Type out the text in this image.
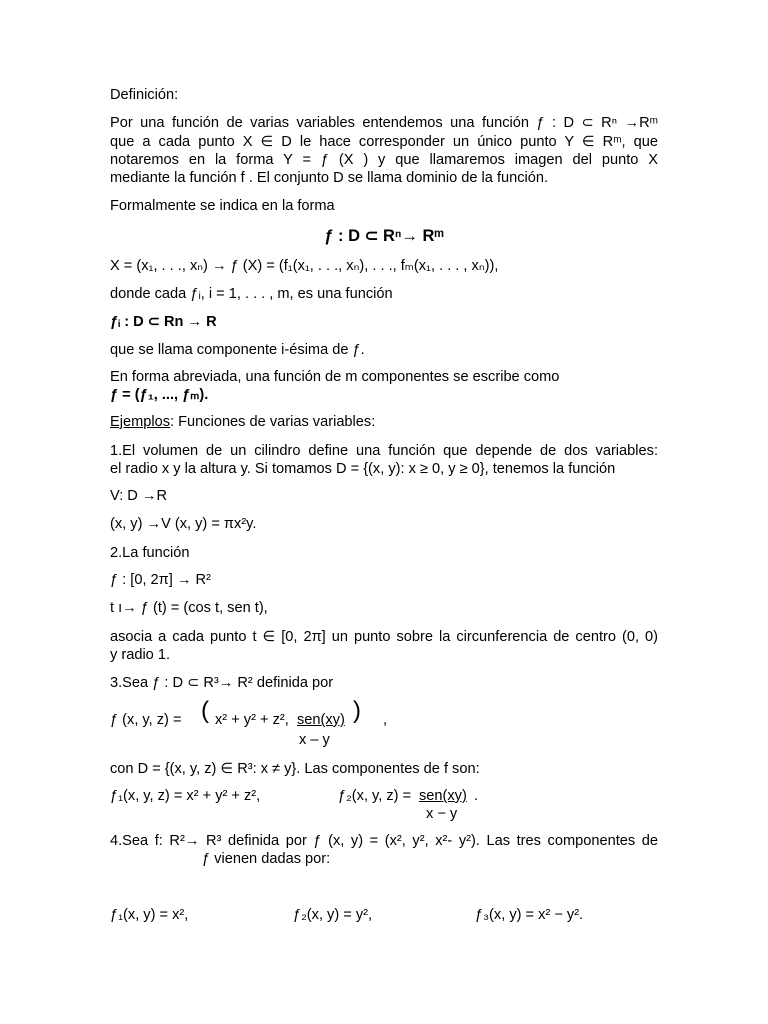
Definición:
Por una función de varias variables entendemos una función ƒ : D ⊂ Rⁿ →Rᵐ
que a cada punto X ∈ D le hace corresponder un único punto Y ∈ Rᵐ, que
notaremos en la forma Y = ƒ (X ) y que llamaremos imagen del punto X
mediante la función f . El conjunto D se llama dominio de la función.
Formalmente se indica en la forma
ƒ : D ⊂ Rⁿ→ Rᵐ
X = (x₁, . . ., xₙ) → ƒ (X) = (f₁(x₁, . . ., xₙ), . . ., fₘ(x₁, . . . , xₙ)),
donde cada ƒᵢ, i = 1, . . . , m, es una función
ƒᵢ : D ⊂ Rn → R
que se llama componente i-ésima de ƒ.
En forma abreviada, una función de m componentes se escribe como
ƒ = (ƒ₁, ..., ƒₘ).
Ejemplos: Funciones de varias variables:
1.El volumen de un cilindro define una función que depende de dos variables:
el radio x y la altura y. Si tomamos D = {(x, y): x ≥ 0, y ≥ 0}, tenemos la función
V: D →R
(x, y) →V (x, y) = πx²y.
2.La función
ƒ : [0, 2π] → R²
t ı→ ƒ (t) = (cos t, sen t),
asocia a cada punto t ∈ [0, 2π] un punto sobre la circunferencia de centro (0, 0)
y radio 1.
3.Sea ƒ : D ⊂ R³→ R² definida por
ƒ (x, y, z) = ( x² + y² + z², sen(xy) ) ,
x – y
con D = {(x, y, z) ∈ R³: x ≠ y}. Las componentes de f son:
ƒ₁(x, y, z) = x² + y² + z²,	ƒ₂(x, y, z) = sen(xy) .
x − y
4.Sea f: R²→ R³ definida por ƒ (x, y) = (x², y², x²- y²). Las tres componentes de
ƒ vienen dadas por:
ƒ₁(x, y) = x²,	ƒ₂(x, y) = y²,	ƒ₃(x, y) = x² − y².
